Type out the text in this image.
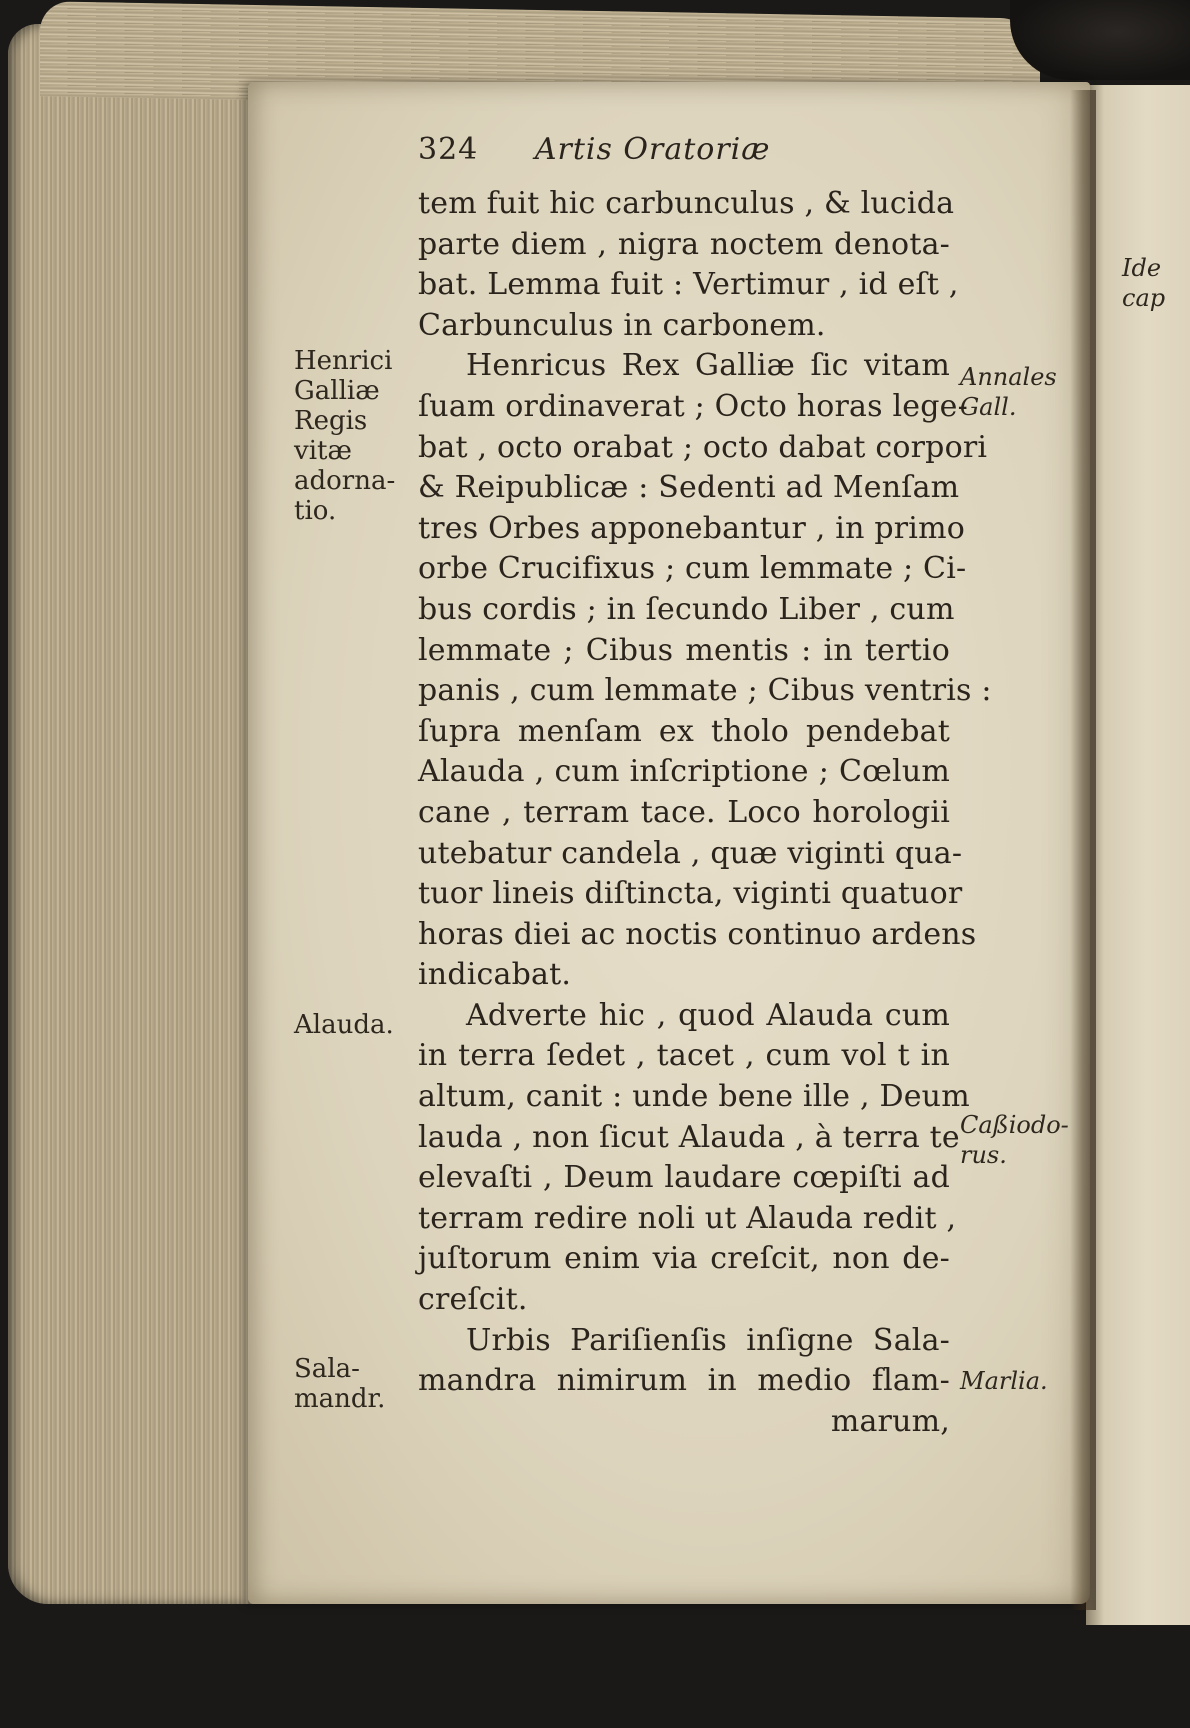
Ide
cap
324 Artis Oratoriæ
Henrici
Galliæ
Regis
vitæ
adorna-
tio.
Alauda.
Sala-
mandr.
Annales
Gall.
Caßiodo-
rus.
Marlia.
tem fuit hic carbunculus , & lucida
parte diem , nigra noctem denota-
bat. Lemma fuit : Vertimur , id eſt ,
Carbunculus in carbonem.
Henricus Rex Galliæ ſic vitam
ſuam ordinaverat ; Octo horas lege-
bat , octo orabat ; octo dabat corpori
& Reipublicæ : Sedenti ad Menſam
tres Orbes apponebantur , in primo
orbe Crucifixus ; cum lemmate ; Ci-
bus cordis ; in ſecundo Liber , cum
lemmate ; Cibus mentis : in tertio
panis , cum lemmate ; Cibus ventris :
ſupra menſam ex tholo pendebat
Alauda , cum inſcriptione ; Cœlum
cane , terram tace. Loco horologii
utebatur candela , quæ viginti qua-
tuor lineis diſtincta, viginti quatuor
horas diei ac noctis continuo ardens
indicabat.
Adverte hic , quod Alauda cum
in terra ſedet , tacet , cum vol t in
altum, canit : unde bene ille , Deum
lauda , non ſicut Alauda , à terra te
elevaſti , Deum laudare cœpiſti ad
terram redire noli ut Alauda redit ,
juſtorum enim via creſcit, non de-
creſcit.
Urbis Pariſienſis inſigne Sala-
mandra nimirum in medio flam-
marum,
